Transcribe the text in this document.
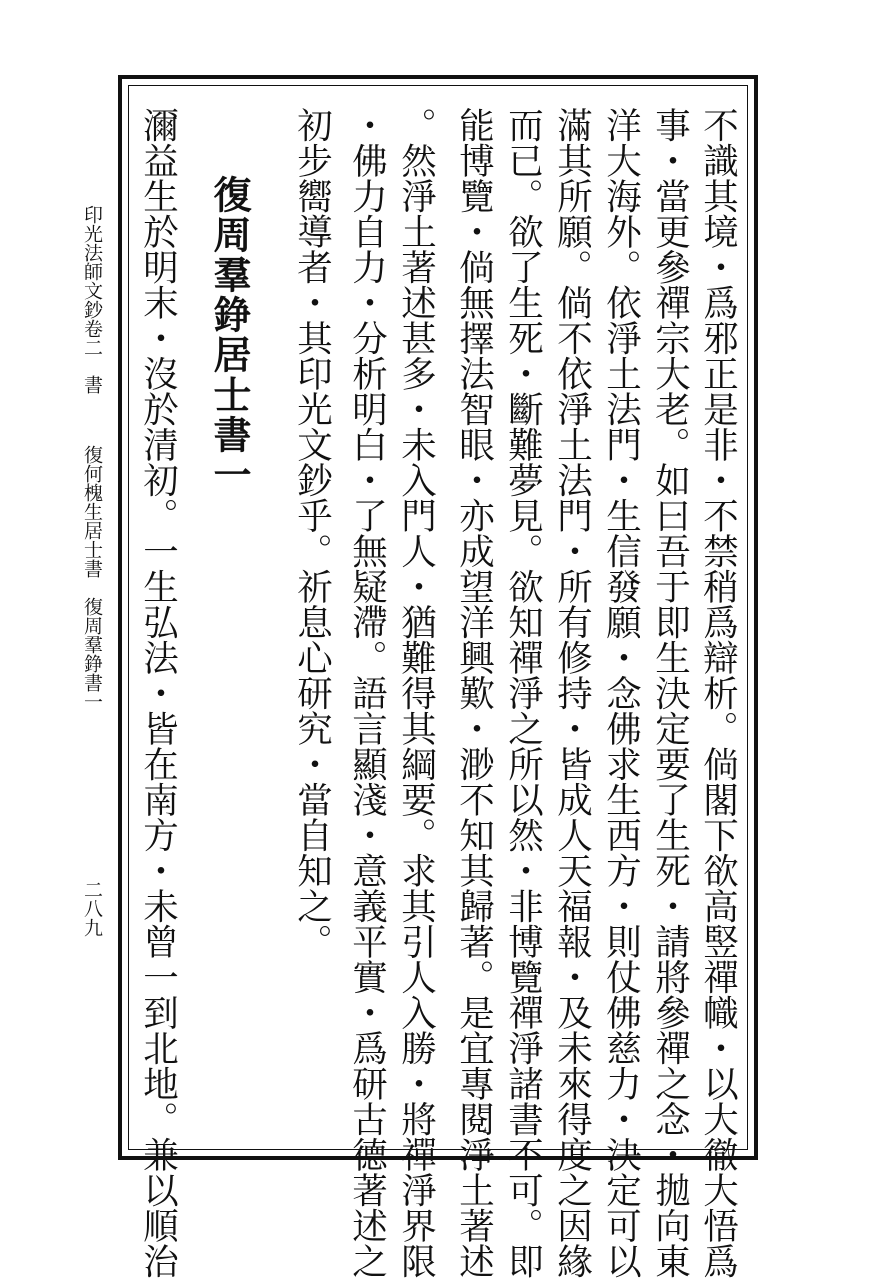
印光法師文鈔卷二
書
復何槐生居士書　復周羣錚書一
二八九	不識其境・爲邪正是非・不禁稍爲辯析。倘閣下欲高竪禪幟・以大徹大悟爲
事・當更參禪宗大老。如曰吾于即生決定要了生死・請將參禪之念・拋向東
洋大海外。依淨土法門・生信發願・念佛求生西方・則仗佛慈力・決定可以
滿其所願。倘不依淨土法門・所有修持・皆成人天福報・及未來得度之因緣
而已。欲了生死・斷難夢見。欲知禪淨之所以然・非博覽禪淨諸書不可。即
能博覽・倘無擇法智眼・亦成望洋興歎・渺不知其歸著。是宜專閱淨土著述
。然淨土著述甚多・未入門人・猶難得其綱要。求其引人入勝・將禪淨界限
・佛力自力・分析明白・了無疑滯。語言顯淺・意義平實・爲研古德著述之
初步嚮導者・其印光文鈔乎。祈息心研究・當自知之。
復周羣錚居士書一
濔益生於明末・沒於清初。一生弘法・皆在南方・未曾一到北地。兼以順治
